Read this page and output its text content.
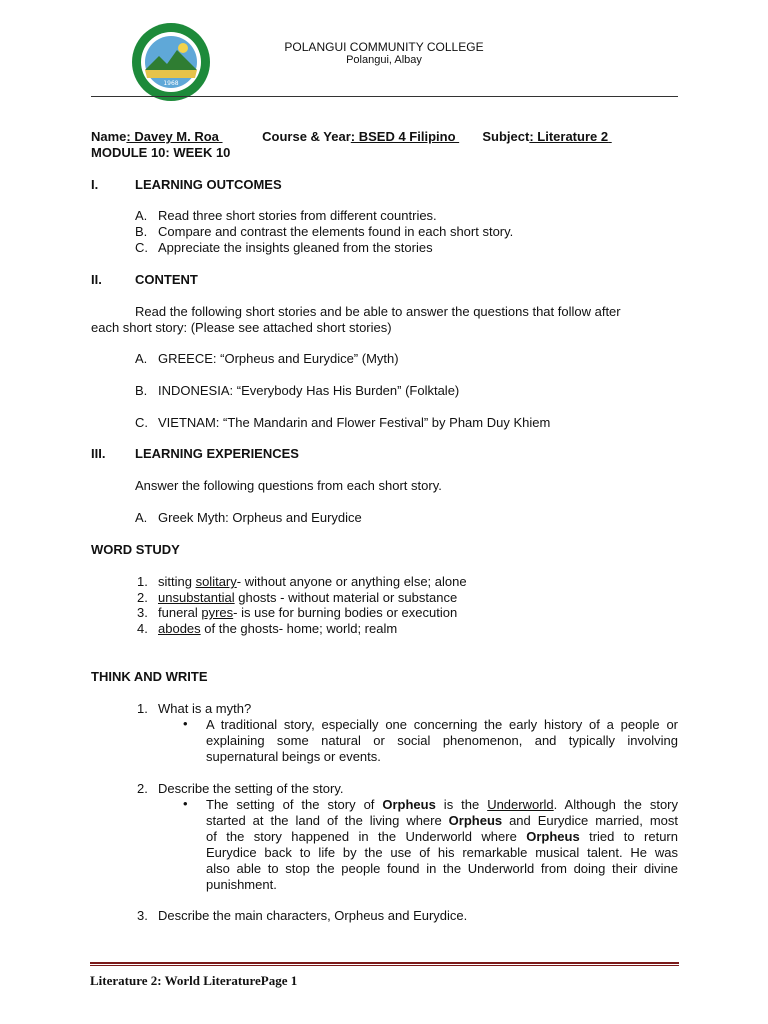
1968
POLANGUI COMMUNITY COLLEGE
Polangui, Albay
Name: Davey M. Roa	Course & Year: BSED 4 Filipino Subject: Literature 2
MODULE 10: WEEK 10
I.	LEARNING OUTCOMES
A. Read three short stories from different countries.
B. Compare and contrast the elements found in each short story.
C. Appreciate the insights gleaned from the stories
II.	CONTENT
Read the following short stories and be able to answer the questions that follow after
each short story: (Please see attached short stories)
A. GREECE: “Orpheus and Eurydice” (Myth)
B. INDONESIA: “Everybody Has His Burden” (Folktale)
C. VIETNAM: “The Mandarin and Flower Festival” by Pham Duy Khiem
III. LEARNING EXPERIENCES
Answer the following questions from each short story.
A. Greek Myth: Orpheus and Eurydice
WORD STUDY
1. sitting solitary- without anyone or anything else; alone
2. unsubstantial ghosts - without material or substance
3. funeral pyres- is use for burning bodies or execution
4. abodes of the ghosts- home; world; realm
THINK AND WRITE
1. What is a myth?
• A traditional story, especially one concerning the early history of a people or
explaining some natural or social phenomenon, and typically involving
supernatural beings or events.
2. Describe the setting of the story.
• The setting of the story of Orpheus is the Underworld. Although the story
started at the land of the living where Orpheus and Eurydice married, most
of the story happened in the Underworld where Orpheus tried to return
Eurydice back to life by the use of his remarkable musical talent. He was
also able to stop the people found in the Underworld from doing their divine
punishment.
3. Describe the main characters, Orpheus and Eurydice.
Literature 2: World LiteraturePage 1
